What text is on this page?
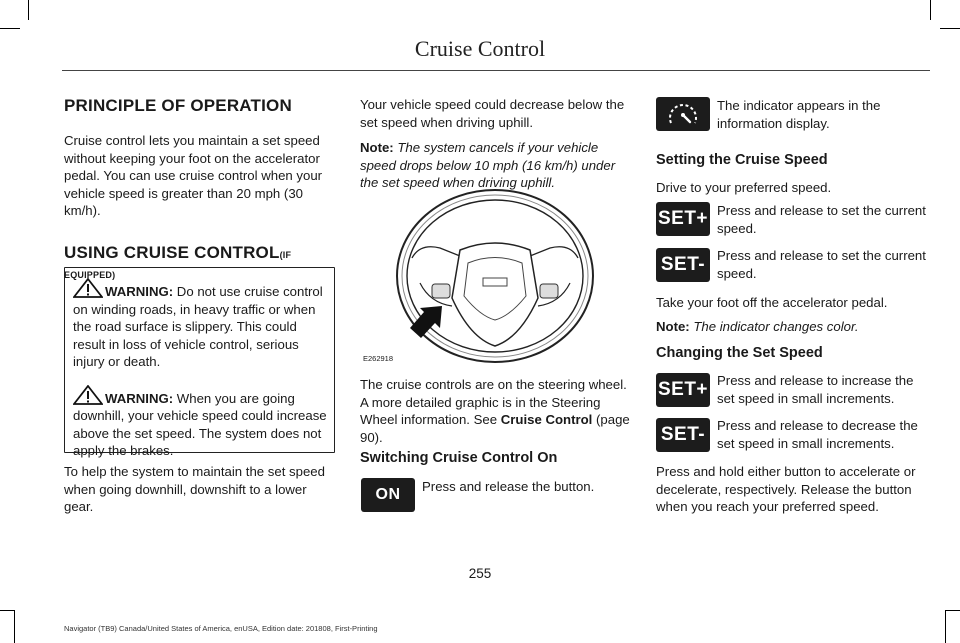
Cruise Control
PRINCIPLE OF OPERATION

Cruise control lets you maintain a set speed without keeping your foot on the accelerator pedal. You can use cruise control when your vehicle speed is greater than 20 mph (30 km/h).

USING CRUISE CONTROL(IF EQUIPPED)

WARNING: Do not use cruise control on winding roads, in heavy traffic or when the road surface is slippery. This could result in loss of vehicle control, serious injury or death.

WARNING: When you are going downhill, your vehicle speed could increase above the set speed. The system does not apply the brakes.

To help the system to maintain the set speed when going downhill, downshift to a lower gear.

Your vehicle speed could decrease below the set speed when driving uphill.

Note: The system cancels if your vehicle speed drops below 10 mph (16 km/h) under the set speed when driving uphill.

E262918

The cruise controls are on the steering wheel. A more detailed graphic is in the Steering Wheel information. See Cruise Control (page 90).

Switching Cruise Control On
ON	Press and release the button.

The indicator appears in the information display.

Setting the Cruise Speed

Drive to your preferred speed.

SET+ Press and release to set the current speed.

SET- Press and release to set the current speed.

Take your foot off the accelerator pedal.

Note: The indicator changes color.

Changing the Set Speed
SET+ Press and release to increase the set speed in small increments.

SET- Press and release to decrease the set speed in small increments.

Press and hold either button to accelerate or decelerate, respectively. Release the button when you reach your preferred speed.

255
Navigator (TB9) Canada/United States of America, enUSA, Edition date: 201808, First-Printing
